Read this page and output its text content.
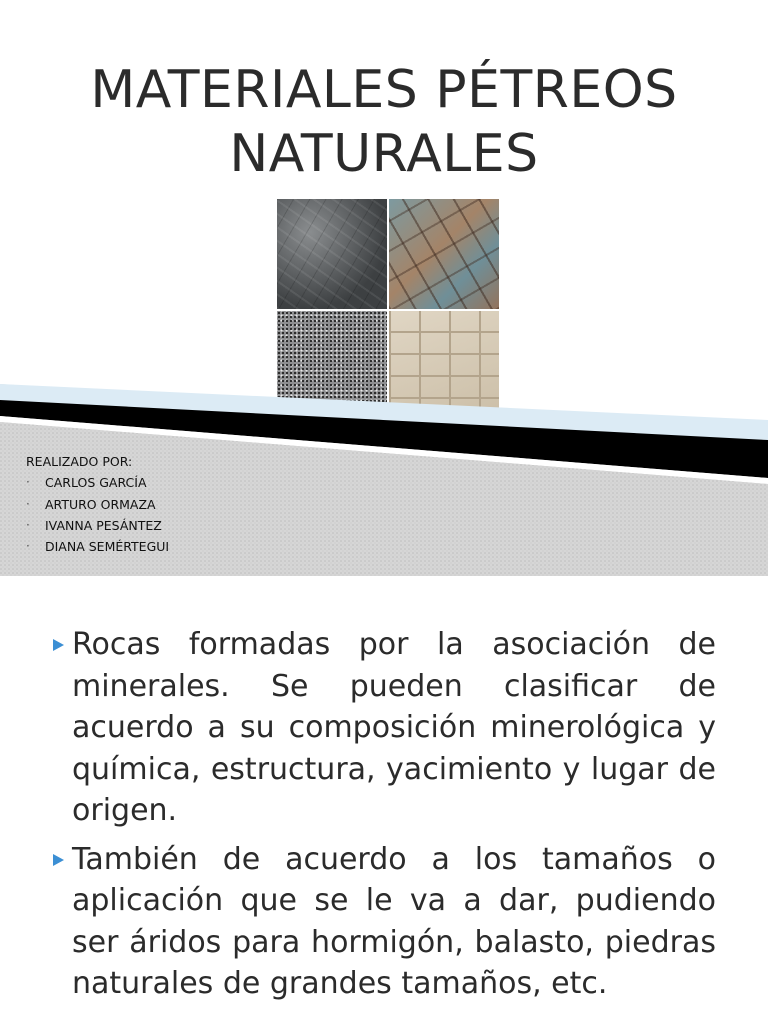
MATERIALES PÉTREOS
NATURALES
REALIZADO POR:
· CARLOS GARCÍA
· ARTURO ORMAZA
· IVANNA PESÁNTEZ
· DIANA SEMÉRTEGUI
Rocas formadas por la asociación de minerales. Se pueden clasificar de acuerdo a su composición minerológica y química, estructura, yacimiento y lugar de origen.
También de acuerdo a los tamaños o aplicación que se le va a dar, pudiendo ser áridos para hormigón, balasto, piedras naturales de grandes tamaños, etc.
